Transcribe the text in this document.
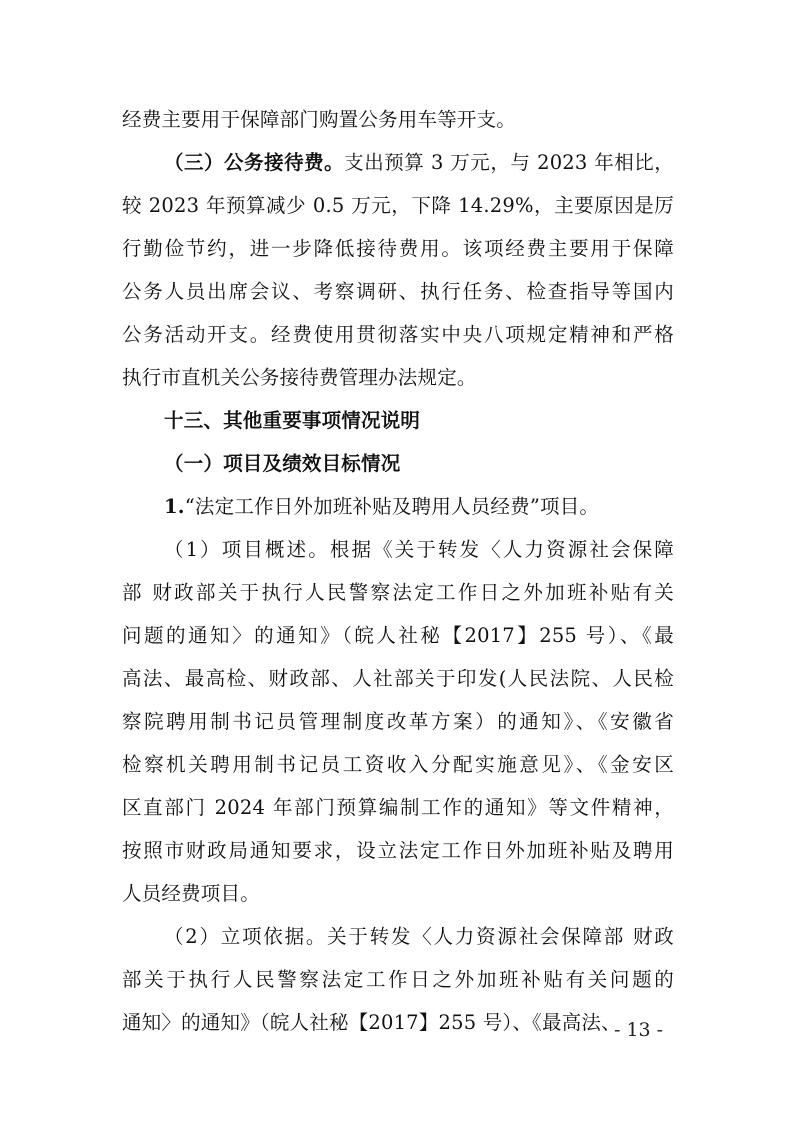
经费主要用于保障部门购置公务用车等开支。
（三）公务接待费。支出预算 3 万元，与 2023 年相比，
较 2023 年预算减少 0.5 万元，下降 14.29%，主要原因是厉
行勤俭节约，进一步降低接待费用。该项经费主要用于保障
公务人员出席会议、考察调研、执行任务、检查指导等国内
公务活动开支。经费使用贯彻落实中央八项规定精神和严格
执行市直机关公务接待费管理办法规定。
十三、其他重要事项情况说明
（一）项目及绩效目标情况
1.“法定工作日外加班补贴及聘用人员经费”项目。
（1）项目概述。根据《关于转发〈人力资源社会保障
部 财政部关于执行人民警察法定工作日之外加班补贴有关
问题的通知〉的通知》（皖人社秘【2017】255 号）、《最
高法、最高检、财政部、人社部关于印发(人民法院、人民检
察院聘用制书记员管理制度改革方案）的通知》、《安徽省
检察机关聘用制书记员工资收入分配实施意见》、《金安区
区直部门 2024 年部门预算编制工作的通知》等文件精神，
按照市财政局通知要求，设立法定工作日外加班补贴及聘用
人员经费项目。
（2）立项依据。关于转发〈人力资源社会保障部 财政
部关于执行人民警察法定工作日之外加班补贴有关问题的
通知〉的通知》（皖人社秘【2017】255 号）、《最高法、
- 13 -
